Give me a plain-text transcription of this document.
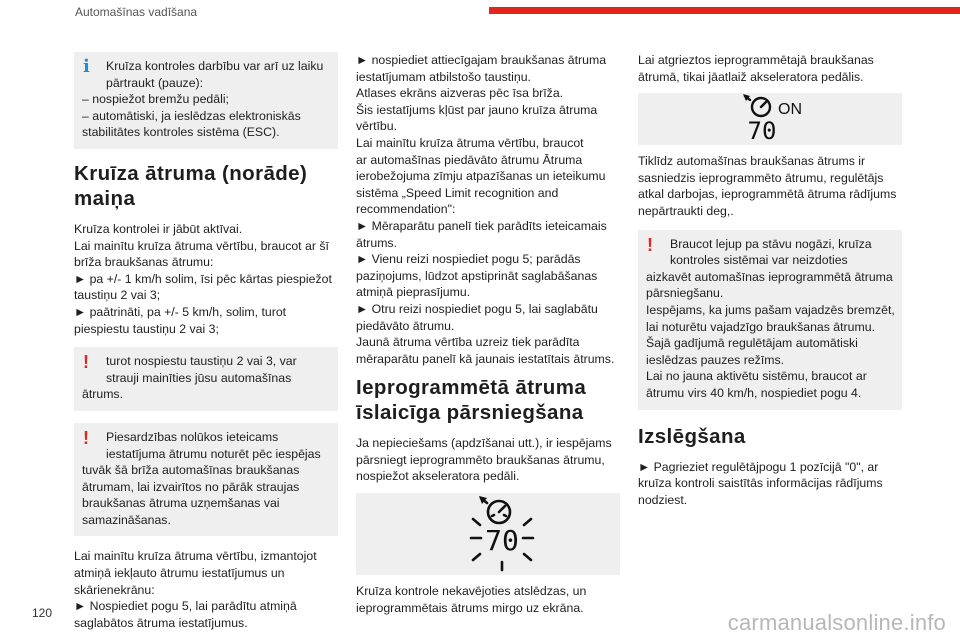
Automašīnas vadīšana
i	Kruīza kontroles darbību var arī uz laiku
pārtraukt (pauze):
– nospiežot bremžu pedāli;
– automātiski, ja ieslēdzas elektroniskās
stabilitātes kontroles sistēma (ESC).
Kruīza ātruma (norāde)
maiņa
Kruīza kontrolei ir jābūt aktīvai.
Lai mainītu kruīza ātruma vērtību, braucot ar šī
brīža braukšanas ātrumu:
► pa +/- 1 km/h solim, īsi pēc kārtas piespiežot
taustiņu 2 vai 3;
► paātrināti, pa +/- 5 km/h, solim, turot
piespiestu taustiņu 2 vai 3;
!	turot nospiestu taustiņu 2 vai 3, var
strauji mainīties jūsu automašīnas
ātrums.
!	Piesardzības nolūkos ieteicams
iestatījuma ātrumu noturēt pēc iespējas
tuvāk šā brīža automašīnas braukšanas
ātrumam, lai izvairītos no pārāk straujas
braukšanas ātruma uzņemšanas vai
samazināšanas.
Lai mainītu kruīza ātruma vērtību, izmantojot
atmiņā iekļauto ātrumu iestatījumus un
skārienekrānu:
► Nospiediet pogu 5, lai parādītu atmiņā
saglabātos ātruma iestatījumus.
► nospiediet attiecīgajam braukšanas ātruma
iestatījumam atbilstošo taustiņu.
Atlases ekrāns aizveras pēc īsa brīža.
Šis iestatījums kļūst par jauno kruīza ātruma
vērtību.
Lai mainītu kruīza ātruma vērtību, braucot
ar automašīnas piedāvāto ātrumu Ātruma
ierobežojuma zīmju atpazīšanas un ieteikumu
sistēma „Speed Limit recognition and
recommendation":
► Mēraparātu panelī tiek parādīts ieteicamais
ātrums.
► Vienu reizi nospiediet pogu 5; parādās
paziņojums, lūdzot apstiprināt saglabāšanas
atmiņā pieprasījumu.
► Otru reizi nospiediet pogu 5, lai saglabātu
piedāvāto ātrumu.
Jaunā ātruma vērtība uzreiz tiek parādīta
mēraparātu panelī kā jaunais iestatītais ātrums.
Ieprogrammētā ātruma
īslaicīga pārsniegšana
Ja nepieciešams (apdzīšanai utt.), ir iespējams
pārsniegt ieprogrammēto braukšanas ātrumu,
nospiežot akseleratora pedāli.
70
Kruīza kontrole nekavējoties atslēdzas, un
ieprogrammētais ātrums mirgo uz ekrāna.
Lai atgrieztos ieprogrammētajā braukšanas
ātrumā, tikai jāatlaiž akseleratora pedālis.
ON
70
Tiklīdz automašīnas braukšanas ātrums ir
sasniedzis ieprogrammēto ātrumu, regulētājs
atkal darbojas, ieprogrammētā ātruma rādījums
nepārtraukti deg,.
!	Braucot lejup pa stāvu nogāzi, kruīza
kontroles sistēmai var neizdoties
aizkavēt automašīnas ieprogrammētā ātruma
pārsniegšanu.
Iespējams, ka jums pašam vajadzēs bremzēt,
lai noturētu vajadzīgo braukšanas ātrumu.
Šajā gadījumā regulētājam automātiski
ieslēdzas pauzes režīms.
Lai no jauna aktivētu sistēmu, braucot ar
ātrumu virs 40 km/h, nospiediet pogu 4.
Izslēgšana
► Pagrieziet regulētājpogu 1 pozīcijā "0", ar
kruīza kontroli saistītās informācijas rādījums
nodziest.
120	carmanualsonline.info
